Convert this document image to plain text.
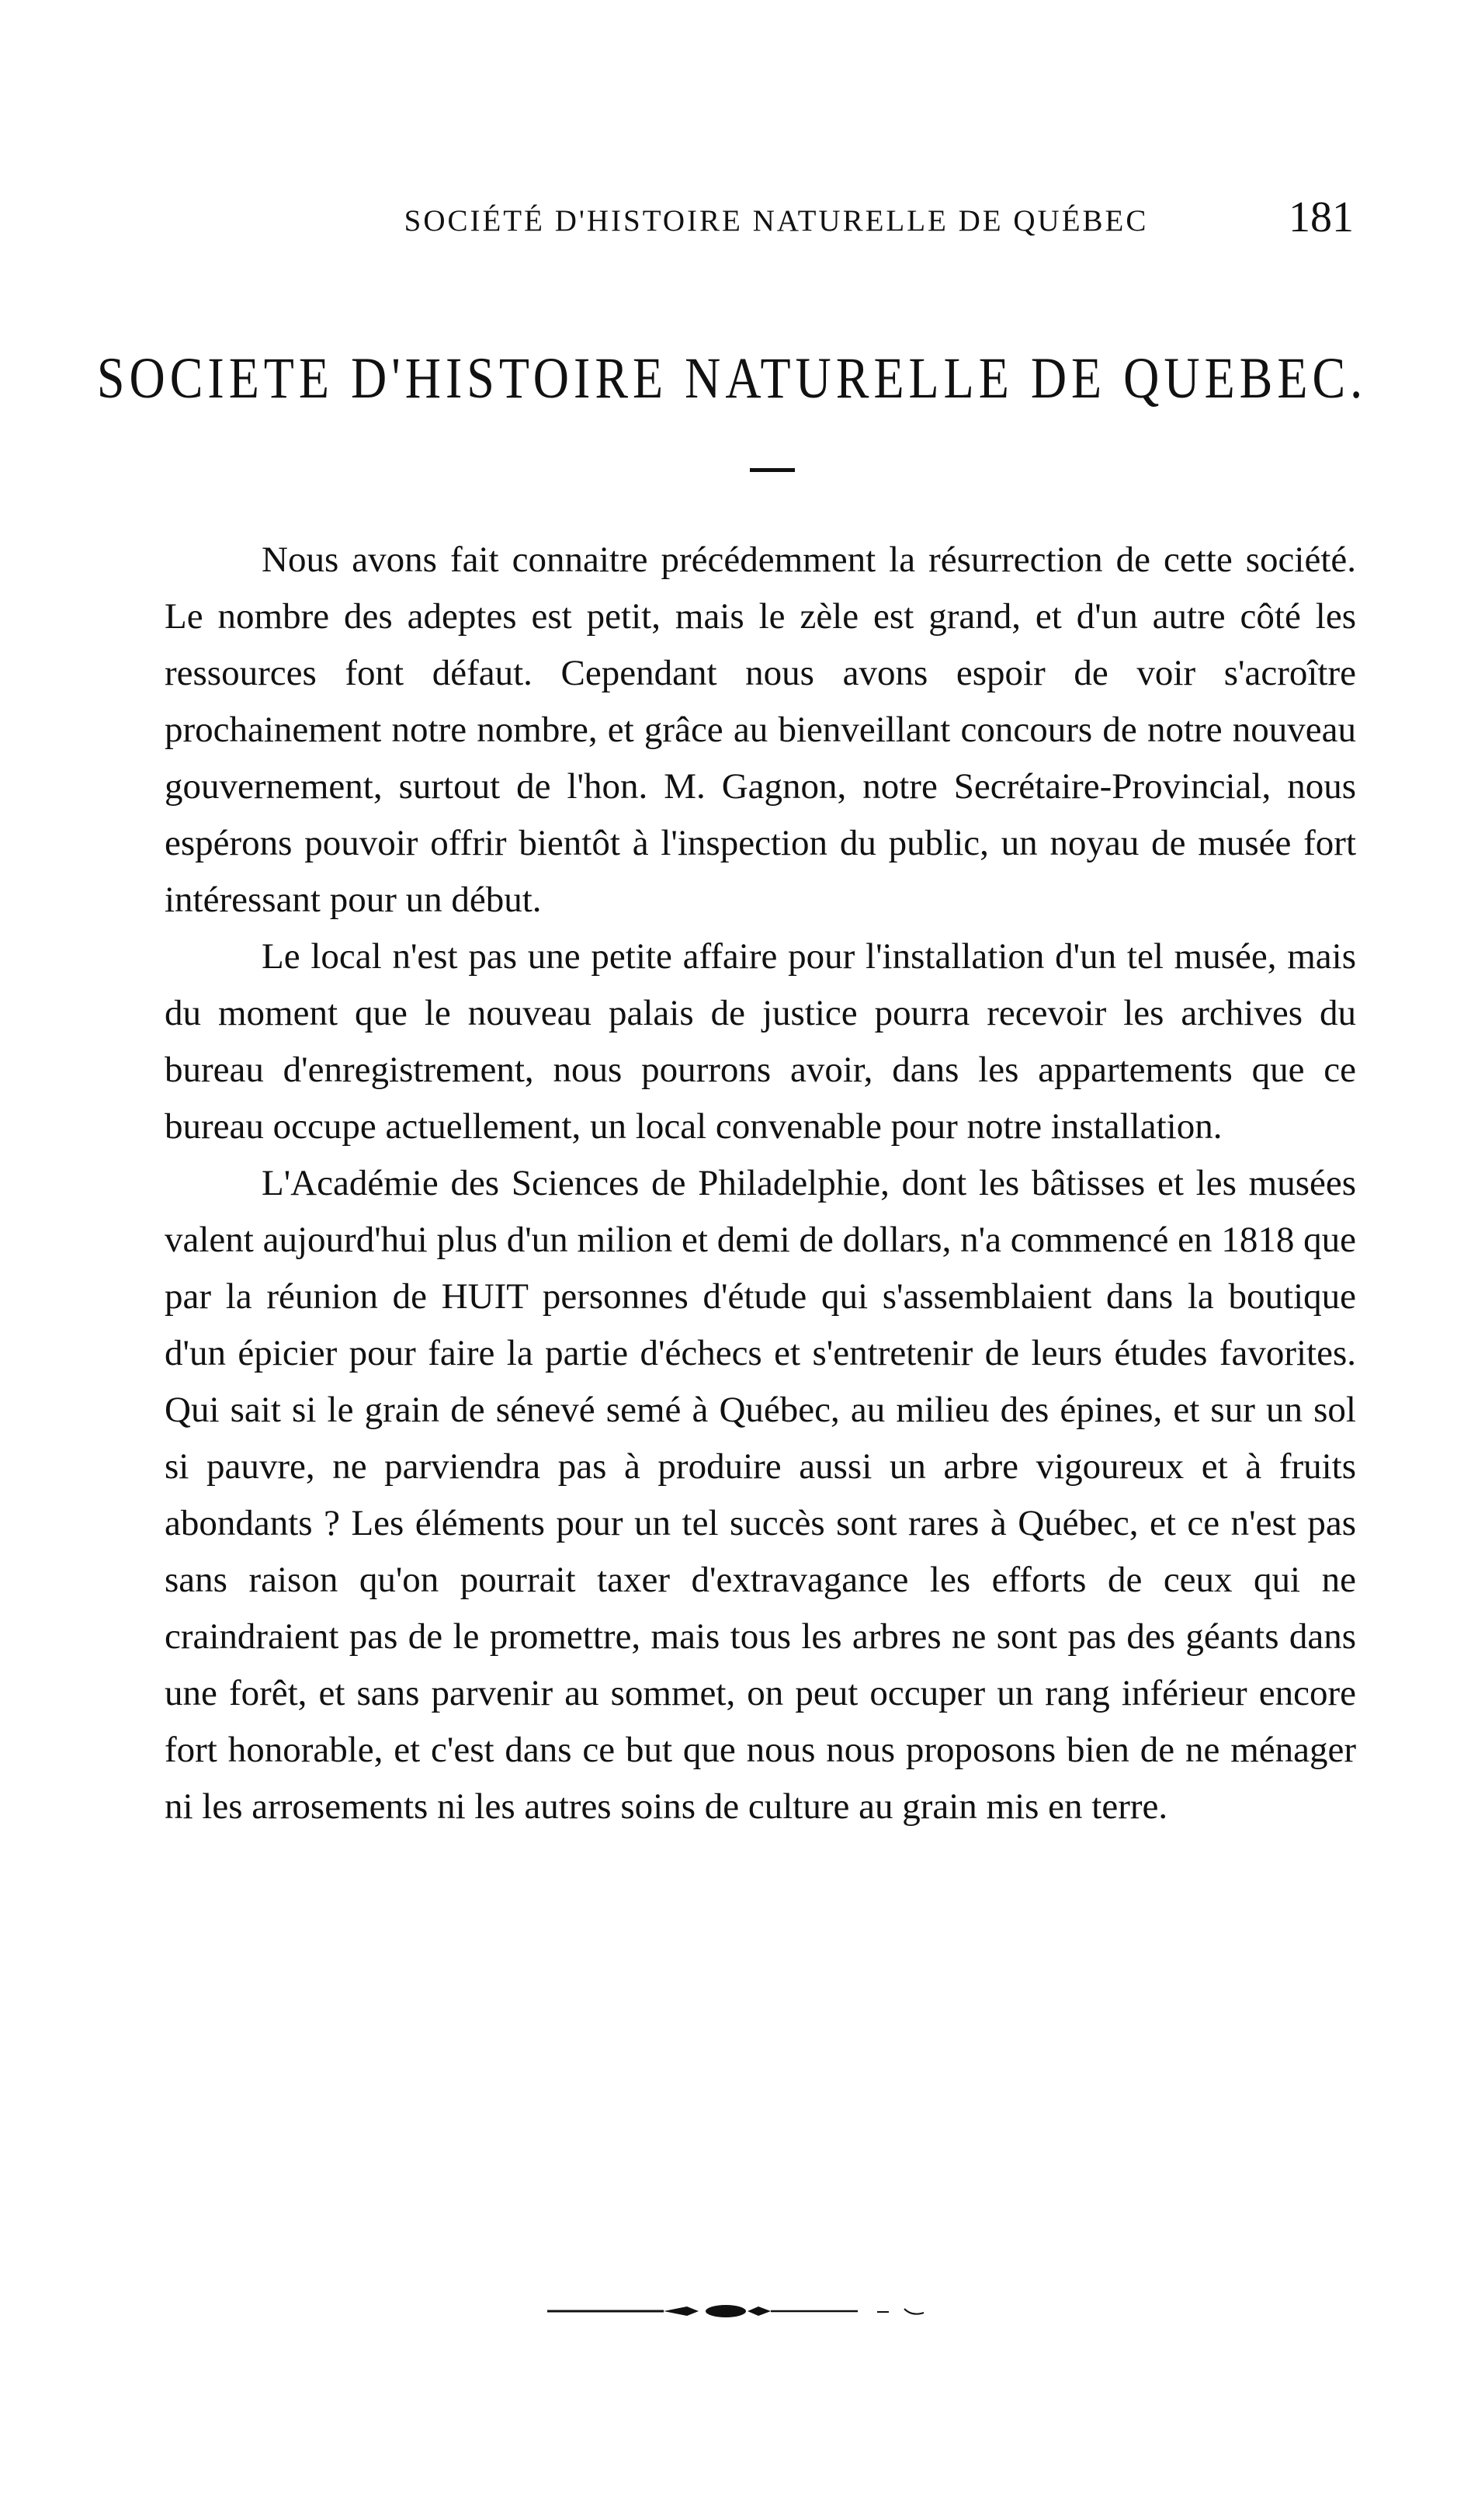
SOCIÉTÉ D'HISTOIRE NATURELLE DE QUÉBEC	181
SOCIETE D'HISTOIRE NATURELLE DE QUEBEC.

Nous avons fait connaitre précédemment la résurrection de cette société. Le nombre des adeptes est petit, mais le zèle est grand, et d'un autre côté les ressources font défaut. Cependant nous avons espoir de voir s'acroître prochainement notre nombre, et grâce au bienveillant concours de notre nouveau gouvernement, surtout de l'hon. M. Gagnon, notre Secrétaire-Provincial, nous espérons pouvoir offrir bientôt à l'inspection du public, un noyau de musée fort intéressant pour un début.

Le local n'est pas une petite affaire pour l'installation d'un tel musée, mais du moment que le nouveau palais de justice pourra recevoir les archives du bureau d'enregistrement, nous pourrons avoir, dans les appartements que ce bureau occupe actuellement, un local convenable pour notre installation.

L'Académie des Sciences de Philadelphie, dont les bâtisses et les musées valent aujourd'hui plus d'un milion et demi de dollars, n'a commencé en 1818 que par la réunion de HUIT personnes d'étude qui s'assemblaient dans la boutique d'un épicier pour faire la partie d'échecs et s'entretenir de leurs études favorites. Qui sait si le grain de sénevé semé à Québec, au milieu des épines, et sur un sol si pauvre, ne parviendra pas à produire aussi un arbre vigoureux et à fruits abondants ? Les éléments pour un tel succès sont rares à Québec, et ce n'est pas sans raison qu'on pourrait taxer d'extravagance les efforts de ceux qui ne craindraient pas de le promettre, mais tous les arbres ne sont pas des géants dans une forêt, et sans parvenir au sommet, on peut occuper un rang inférieur encore fort honorable, et c'est dans ce but que nous nous proposons bien de ne ménager ni les arrosements ni les autres soins de culture au grain mis en terre.
